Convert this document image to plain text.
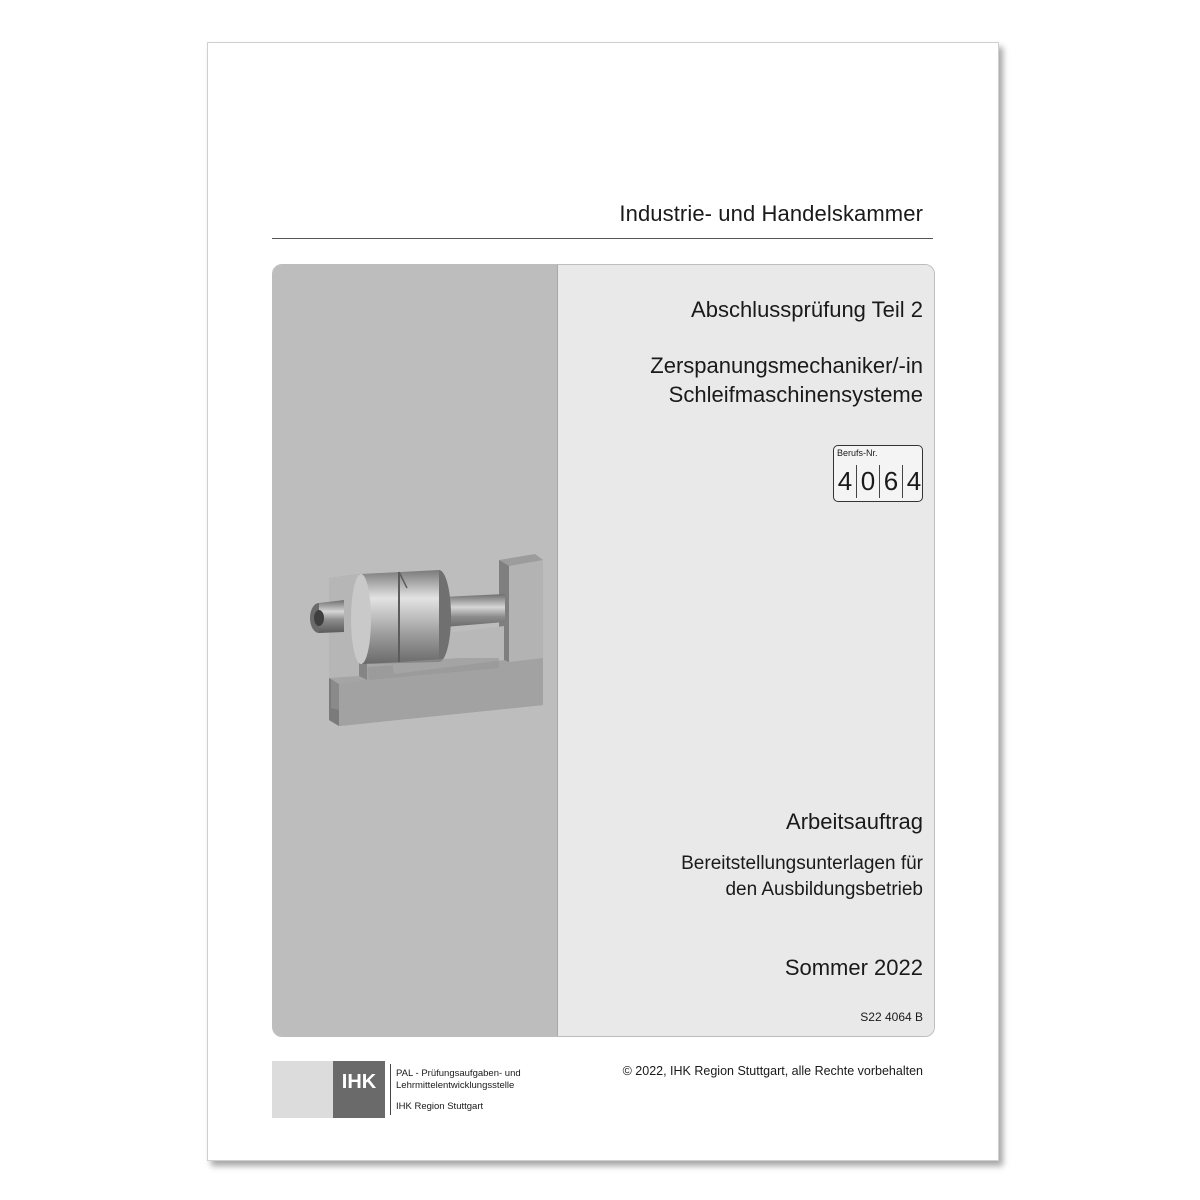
Industrie- und Handelskammer
Abschlussprüfung Teil 2
Zerspanungsmechaniker/-in
Schleifmaschinensysteme
Berufs-Nr.
4 0 6 4
Arbeitsauftrag
Bereitstellungsunterlagen für
den Ausbildungsbetrieb
Sommer 2022
S22 4064 B
IHK	PAL - Prüfungsaufgaben- und
Lehrmittelentwicklungsstelle
IHK Region Stuttgart
© 2022, IHK Region Stuttgart, alle Rechte vorbehalten
